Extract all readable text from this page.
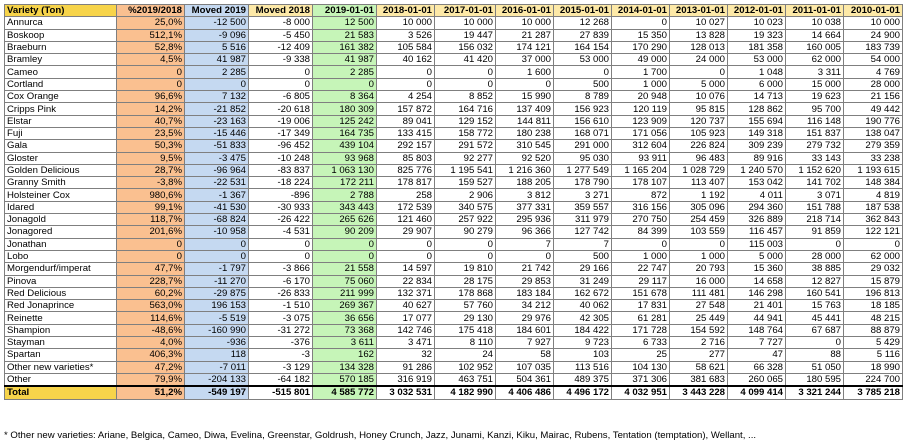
Variety (Ton)	%2019/2018	Moved 2019	Moved 2018	2019-01-01	2018-01-01	2017-01-01	2016-01-01	2015-01-01	2014-01-01	2013-01-01	2012-01-01	2011-01-01	2010-01-01
Annurca	25,0%	-12 500	-8 000	12 500	10 000	10 000	10 000	12 268	0	10 027	10 023	10 038	10 000
Boskoop	512,1%	-9 096	-5 450	21 583	3 526	19 447	21 287	27 839	15 350	13 828	19 323	14 664	24 900
Braeburn	52,8%	5 516	-12 409	161 382	105 584	156 032	174 121	164 154	170 290	128 013	181 358	160 005	183 739
Bramley	4,5%	41 987	-9 338	41 987	40 162	41 420	37 000	53 000	49 000	24 000	53 000	62 000	54 000
Cameo	0	2 285	0	2 285	0	0	1 600	0	1 700	0	1 048	3 311	4 769
Cortland	0	0	0	0	0	0	0	500	1 000	5 000	6 000	15 000	28 000
Cox Orange	96,6%	7 132	-6 805	8 364	4 254	8 852	15 990	8 789	20 948	10 076	14 713	19 623	21 156
Cripps Pink	14,2%	-21 852	-20 618	180 309	157 872	164 716	137 409	156 923	120 119	95 815	128 862	95 700	49 442
Elstar	40,7%	-23 163	-19 006	125 242	89 041	129 152	144 811	156 610	123 909	120 737	155 694	116 148	190 776
Fuji	23,5%	-15 446	-17 349	164 735	133 415	158 772	180 238	168 071	171 056	105 923	149 318	151 837	138 047
Gala	50,3%	-51 833	-96 452	439 104	292 157	291 572	310 545	291 000	312 604	226 824	309 239	279 732	279 359
Gloster	9,5%	-3 475	-10 248	93 968	85 803	92 277	92 520	95 030	93 911	96 483	89 916	33 143	33 238
Golden Delicious	28,7%	-96 964	-83 837	1 063 130	825 776	1 195 541	1 216 360	1 277 549	1 165 204	1 028 729	1 240 570	1 152 620	1 193 615
Granny Smith	-3,8%	-22 531	-18 224	172 211	178 817	159 527	188 205	178 790	178 107	113 407	153 042	141 702	148 384
Holsteiner Cox	980,6%	-1 367	-896	2 788	258	2 906	3 812	3 271	872	1 192	4 011	3 071	4 819
Idared	99,1%	-41 530	-30 933	343 443	172 539	340 575	377 331	359 557	316 156	305 096	294 360	151 788	187 538
Jonagold	118,7%	-68 824	-26 422	265 626	121 460	257 922	295 936	311 979	270 750	254 459	326 889	218 714	362 843
Jonagored	201,6%	-10 958	-4 531	90 209	29 907	90 279	96 366	127 742	84 399	103 559	116 457	91 859	122 121
Jonathan	0	0	0	0	0	0	7	7	0	0	115 003	0	0
Lobo	0	0	0	0	0	0	0	500	1 000	1 000	5 000	28 000	62 000
Morgendurf/imperat	47,7%	-1 797	-3 866	21 558	14 597	19 810	21 742	29 166	22 747	20 793	15 360	38 885	29 032
Pinova	228,7%	-11 270	-6 170	75 060	22 834	28 175	29 853	31 249	29 117	16 000	14 658	12 827	15 879
Red Delicious	60,2%	-29 875	-26 833	211 999	132 371	178 868	183 184	162 672	151 678	111 481	146 298	160 541	196 813
Red Jonaprince	563,0%	196 153	-1 510	269 367	40 627	57 760	34 212	40 062	17 831	27 548	21 401	15 763	18 185
Reinette	114,6%	-5 519	-3 075	36 656	17 077	29 130	29 976	42 305	61 281	25 449	44 941	45 441	48 215
Shampion	-48,6%	-160 990	-31 272	73 368	142 746	175 418	184 601	184 422	171 728	154 592	148 764	67 687	88 879
Stayman	4,0%	-936	-376	3 611	3 471	8 110	7 927	9 723	6 733	2 716	7 727	0	5 429
Spartan	406,3%	118	-3	162	32	24	58	103	25	277	47	88	5 116
Other new varieties*	47,2%	-7 011	-3 129	134 328	91 286	102 952	107 035	113 516	104 130	58 621	66 328	51 050	18 990
Other	79,9%	-204 133	-64 182	570 185	316 919	463 751	504 361	489 375	371 306	381 683	260 065	180 595	224 700
Total	51,2%	-549 197	-515 801	4 585 772	3 032 531	4 182 990	4 406 486	4 496 172	4 032 951	3 443 228	4 099 414	3 321 244	3 785 218
* Other new varieties: Ariane, Belgica, Cameo, Diwa, Evelina, Greenstar, Goldrush, Honey Crunch, Jazz, Junami, Kanzi, Kiku, Mairac, Rubens, Tentation (temptation), Wellant, ...
